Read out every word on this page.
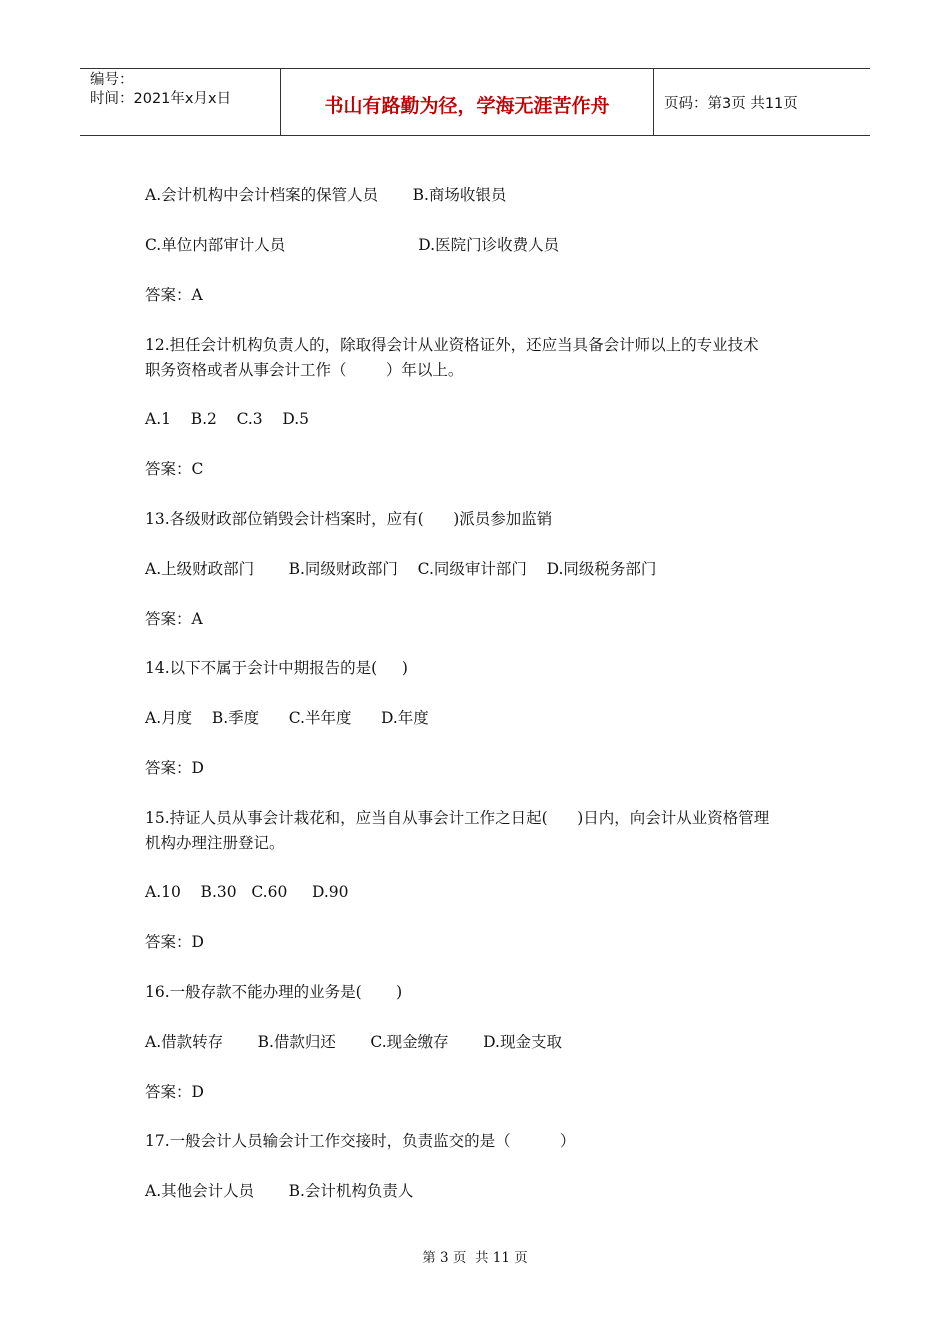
编号：
时间：2021年x月x日	书山有路勤为径，学海无涯苦作舟	页码：第3页 共11页
A.会计机构中会计档案的保管人员       B.商场收银员
C.单位内部审计人员                           D.医院门诊收费人员
答案：A
12.担任会计机构负责人的，除取得会计从业资格证外，还应当具备会计师以上的专业技术
职务资格或者从事会计工作（        ）年以上。
A.1    B.2    C.3    D.5
答案：C
13.各级财政部位销毁会计档案时，应有(      )派员参加监销
A.上级财政部门       B.同级财政部门    C.同级审计部门    D.同级税务部门
答案：A
14.以下不属于会计中期报告的是(     )
A.月度    B.季度      C.半年度      D.年度
答案：D
15.持证人员从事会计栽花和，应当自从事会计工作之日起(      )日内，向会计从业资格管理
机构办理注册登记。
A.10    B.30   C.60     D.90
答案：D
16.一般存款不能办理的业务是(       )
A.借款转存       B.借款归还       C.现金缴存       D.现金支取
答案：D
17.一般会计人员输会计工作交接时，负责监交的是（          ）
A.其他会计人员       B.会计机构负责人
第 3 页  共 11 页
